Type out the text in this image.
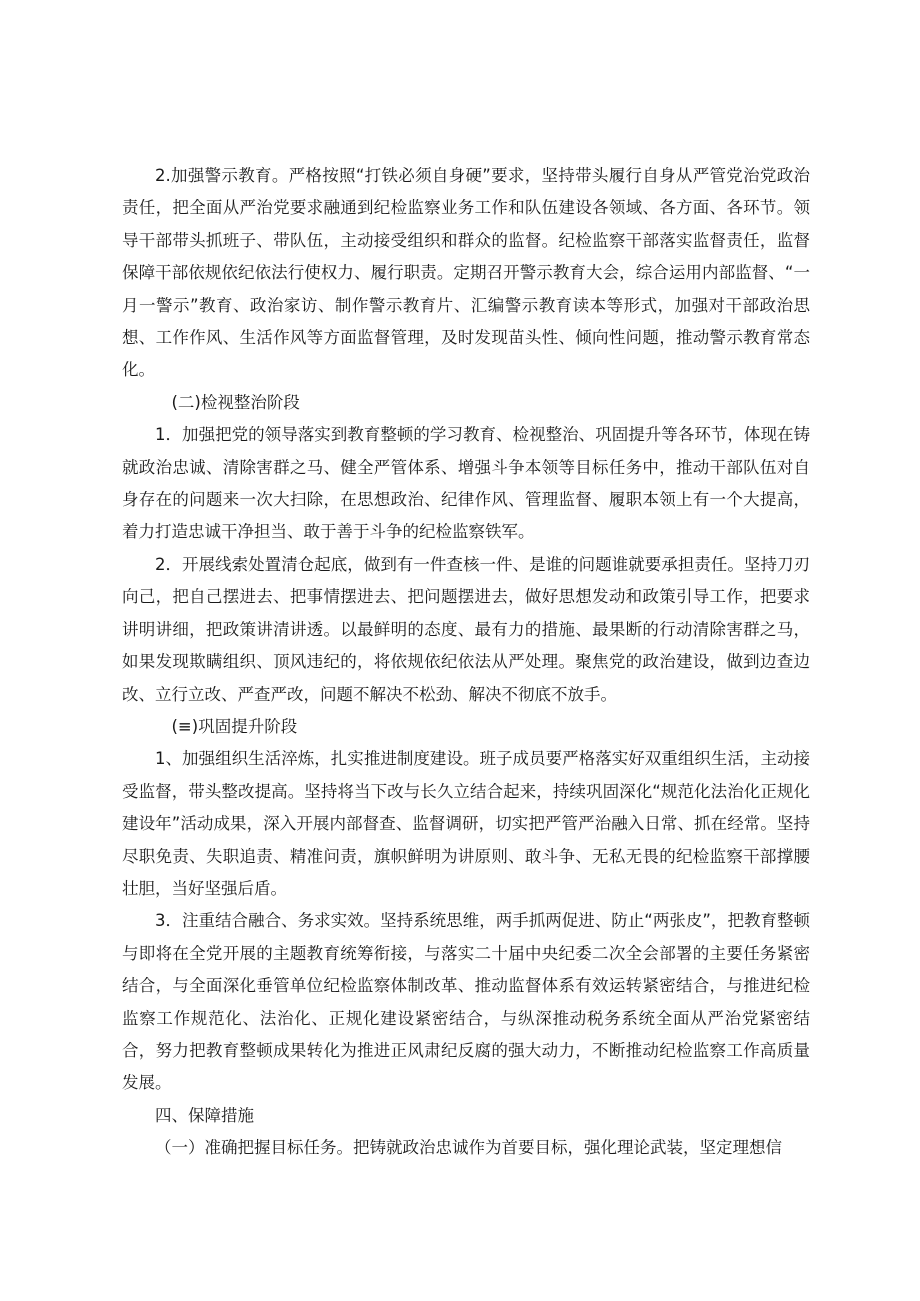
2.加强警示教育。严格按照“打铁必须自身硬”要求，坚持带头履行自身从严管党治党政治责任，把全面从严治党要求融通到纪检监察业务工作和队伍建设各领域、各方面、各环节。领导干部带头抓班子、带队伍，主动接受组织和群众的监督。纪检监察干部落实监督责任，监督保障干部依规依纪依法行使权力、履行职责。定期召开警示教育大会，综合运用内部监督、“一月一警示”教育、政治家访、制作警示教育片、汇编警示教育读本等形式，加强对干部政治思想、工作作风、生活作风等方面监督管理，及时发现苗头性、倾向性问题，推动警示教育常态化。

(二)检视整治阶段

1．加强把党的领导落实到教育整顿的学习教育、检视整治、巩固提升等各环节，体现在铸就政治忠诚、清除害群之马、健全严管体系、增强斗争本领等目标任务中，推动干部队伍对自身存在的问题来一次大扫除，在思想政治、纪律作风、管理监督、履职本领上有一个大提高，着力打造忠诚干净担当、敢于善于斗争的纪检监察铁军。

2．开展线索处置清仓起底，做到有一件查核一件、是谁的问题谁就要承担责任。坚持刀刃向己，把自己摆进去、把事情摆进去、把问题摆进去，做好思想发动和政策引导工作，把要求讲明讲细，把政策讲清讲透。以最鲜明的态度、最有力的措施、最果断的行动清除害群之马，如果发现欺瞒组织、顶风违纪的，将依规依纪依法从严处理。聚焦党的政治建设，做到边查边改、立行立改、严查严改，问题不解决不松劲、解决不彻底不放手。

(≡)巩固提升阶段

1、加强组织生活淬炼，扎实推进制度建设。班子成员要严格落实好双重组织生活，主动接受监督，带头整改提高。坚持将当下改与长久立结合起来，持续巩固深化“规范化法治化正规化建设年”活动成果，深入开展内部督查、监督调研，切实把严管严治融入日常、抓在经常。坚持尽职免责、失职追责、精准问责，旗帜鲜明为讲原则、敢斗争、无私无畏的纪检监察干部撑腰壮胆，当好坚强后盾。

3．注重结合融合、务求实效。坚持系统思维，两手抓两促进、防止“两张皮”，把教育整顿与即将在全党开展的主题教育统筹衔接，与落实二十届中央纪委二次全会部署的主要任务紧密结合，与全面深化垂管单位纪检监察体制改革、推动监督体系有效运转紧密结合，与推进纪检监察工作规范化、法治化、正规化建设紧密结合，与纵深推动税务系统全面从严治党紧密结合，努力把教育整顿成果转化为推进正风肃纪反腐的强大动力，不断推动纪检监察工作高质量发展。

四、保障措施

（一）准确把握目标任务。把铸就政治忠诚作为首要目标，强化理论武装，坚定理想信
